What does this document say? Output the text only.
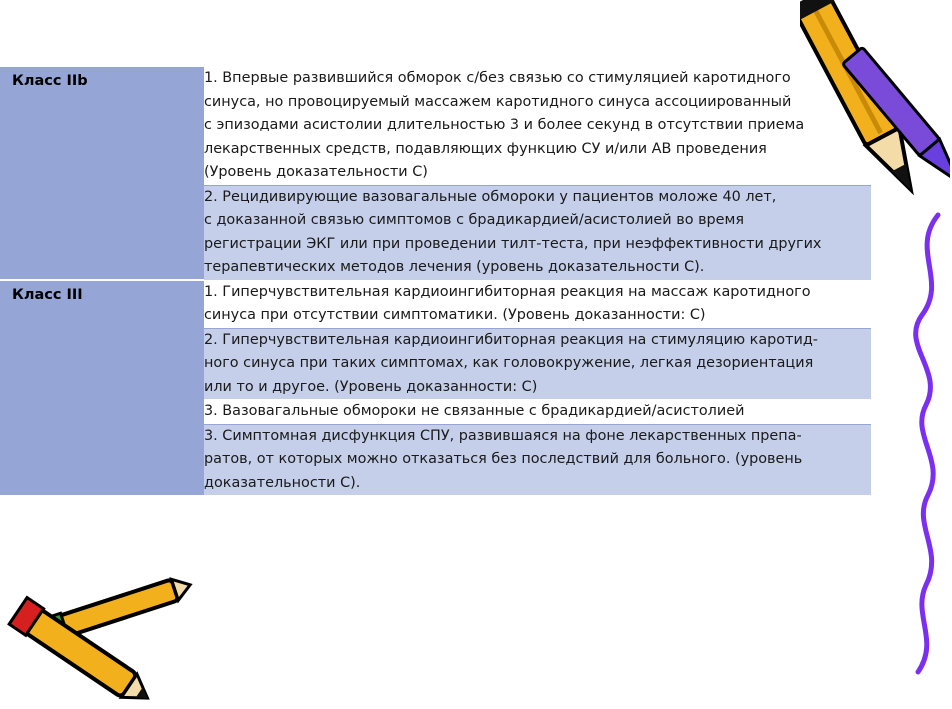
Класс IIb	1. Впервые развившийся обморок с/без связью со стимуляцией каротидного
синуса, но провоцируемый массажем каротидного синуса ассоциированный
с эпизодами асистолии длительностью 3 и более секунд в отсутствии приема
лекарственных средств, подавляющих функцию СУ и/или АВ проведения
(Уровень доказательности С)

	2. Рецидивирующие вазовагальные обмороки у пациентов моложе 40 лет,
с доказанной связью симптомов с брадикардией/асистолией во время
регистрации ЭКГ или при проведении тилт-теста, при неэффективности других
терапевтических методов лечения (уровень доказательности С).

Класс III	1. Гиперчувствительная кардиоингибиторная реакция на массаж каротидного
синуса при отсутствии симптоматики. (Уровень доказанности: С)

	2. Гиперчувствительная кардиоингибиторная реакция на стимуляцию каротид-
ного синуса при таких симптомах, как головокружение, легкая дезориентация
или то и другое. (Уровень доказанности: С)

	3. Вазовагальные обмороки не связанные с брадикардией/асистолией

	3. Симптомная дисфункция СПУ, развившаяся на фоне лекарственных препа-
ратов, от которых можно отказаться без последствий для больного. (уровень
доказательности С).
